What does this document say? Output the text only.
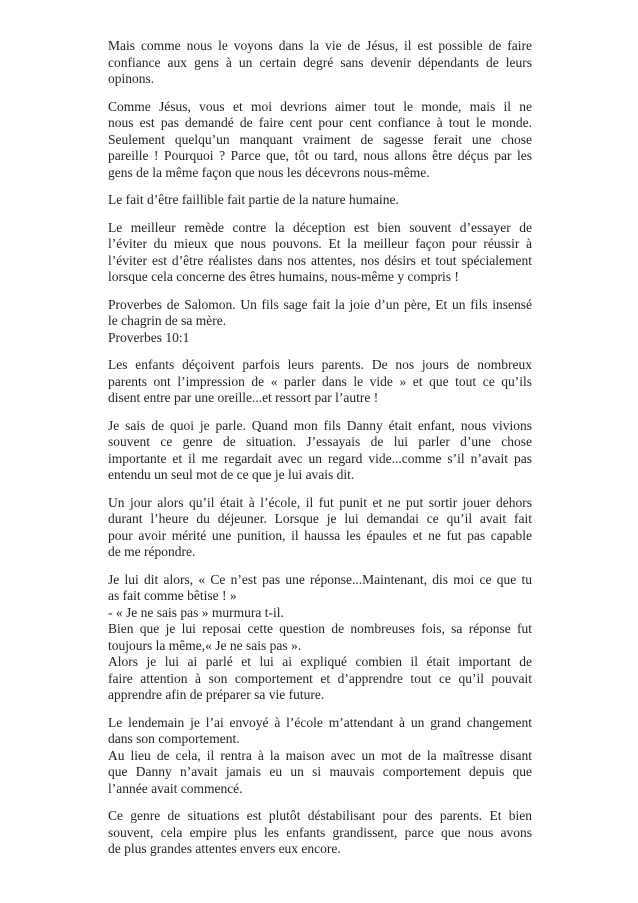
Mais comme nous le voyons dans la vie de Jésus, il est possible de faire
confiance aux gens à un certain degré sans devenir dépendants de leurs
opinons.
Comme Jésus, vous et moi devrions aimer tout le monde, mais il ne
nous est pas demandé de faire cent pour cent confiance à tout le monde.
Seulement quelqu’un manquant vraiment de sagesse ferait une chose
pareille ! Pourquoi ? Parce que, tôt ou tard, nous allons être déçus par les
gens de la même façon que nous les décevrons nous-même.
Le fait d’être faillible fait partie de la nature humaine.
Le meilleur remède contre la déception est bien souvent d’essayer de
l’éviter du mieux que nous pouvons. Et la meilleur façon pour réussir à
l’éviter est d’être réalistes dans nos attentes, nos désirs et tout spécialement
lorsque cela concerne des êtres humains, nous-même y compris !
Proverbes de Salomon. Un fils sage fait la joie d’un père, Et un fils insensé
le chagrin de sa mère.
Proverbes 10:1
Les enfants déçoivent parfois leurs parents. De nos jours de nombreux
parents ont l’impression de « parler dans le vide » et que tout ce qu’ils
disent entre par une oreille...et ressort par l’autre !
Je sais de quoi je parle. Quand mon fils Danny était enfant, nous vivions
souvent ce genre de situation. J’essayais de lui parler d’une chose
importante et il me regardait avec un regard vide...comme s’il n’avait pas
entendu un seul mot de ce que je lui avais dit.
Un jour alors qu’il était à l’école, il fut punit et ne put sortir jouer dehors
durant l’heure du déjeuner. Lorsque je lui demandai ce qu’il avait fait
pour avoir mérité une punition, il haussa les épaules et ne fut pas capable
de me répondre.
Je lui dit alors, « Ce n’est pas une réponse...Maintenant, dis moi ce que tu
as fait comme bêtise ! »
- « Je ne sais pas » murmura t-il.
Bien que je lui reposai cette question de nombreuses fois, sa réponse fut
toujours la même,« Je ne sais pas ».
Alors je lui ai parlé et lui ai expliqué combien il était important de
faire attention à son comportement et d’apprendre tout ce qu’il pouvait
apprendre afin de préparer sa vie future.
Le lendemain je l’ai envoyé à l’école m’attendant à un grand changement
dans son comportement.
Au lieu de cela, il rentra à la maison avec un mot de la maîtresse disant
que Danny n’avait jamais eu un si mauvais comportement depuis que
l’année avait commencé.
Ce genre de situations est plutôt déstabilisant pour des parents. Et bien
souvent, cela empire plus les enfants grandissent, parce que nous avons
de plus grandes attentes envers eux encore.
